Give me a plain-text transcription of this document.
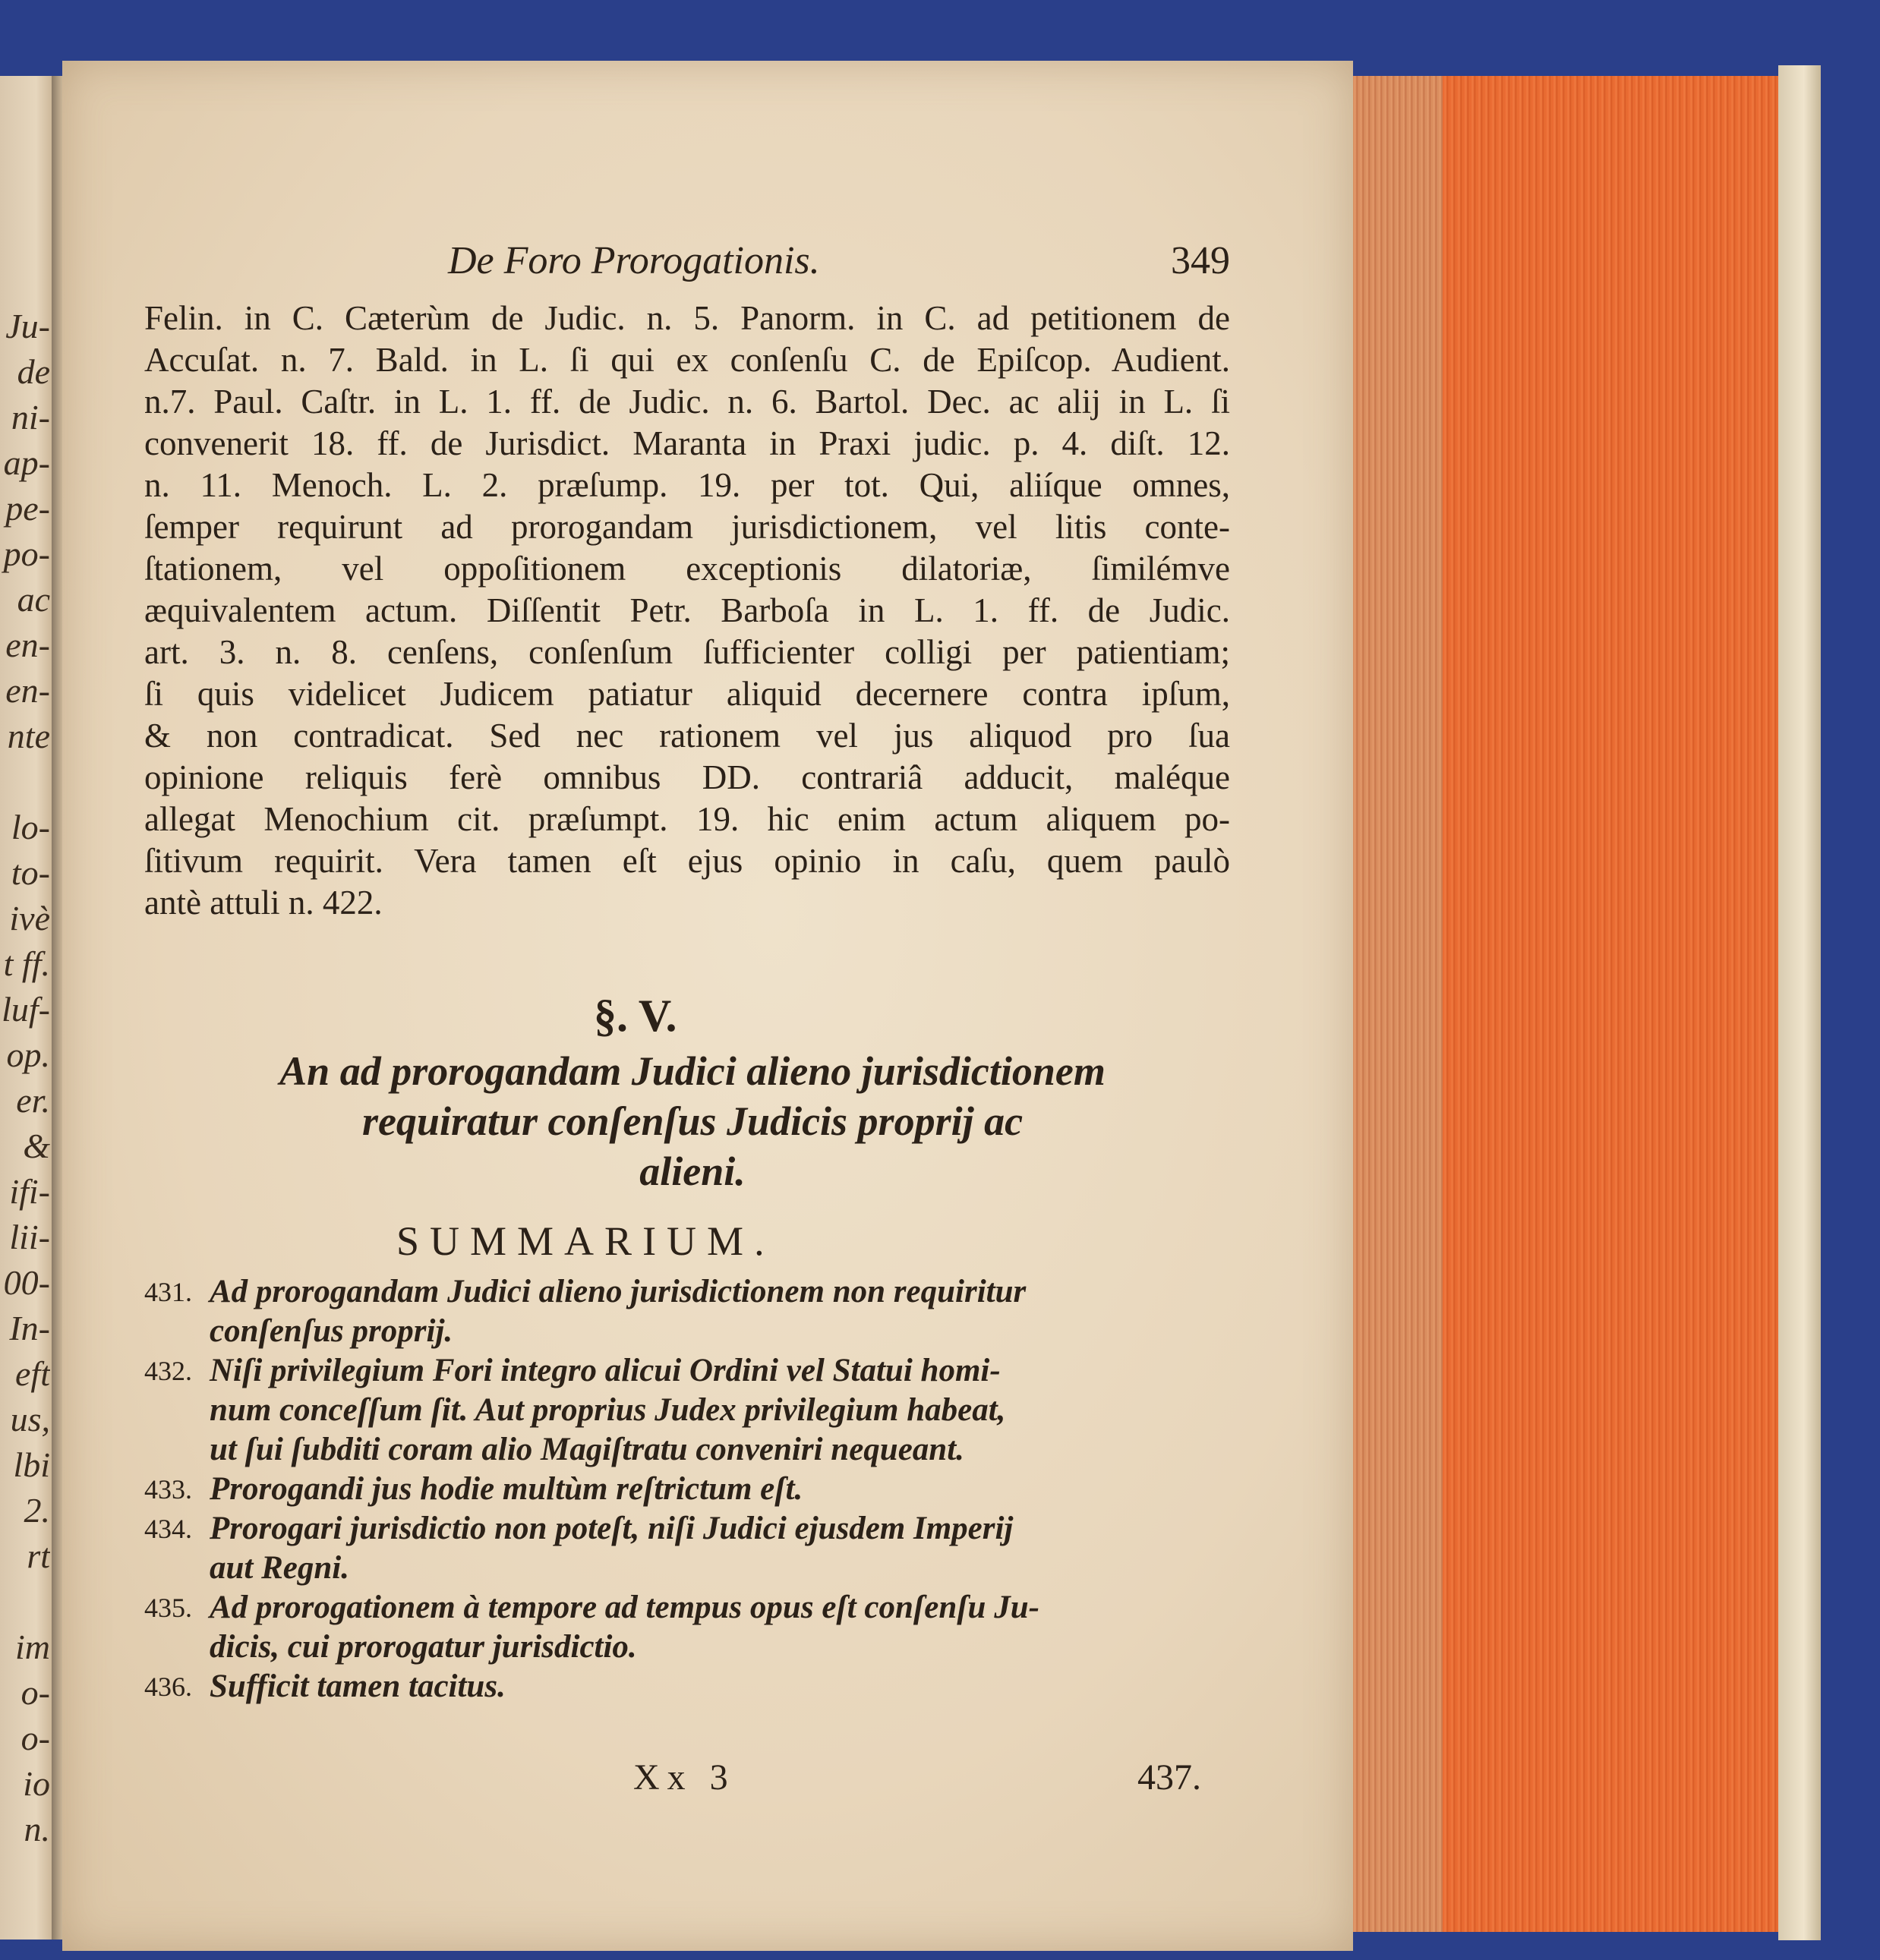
Ju-
de
ni-
ap-
pe-
po-
ac
en-
en-
nte
lo-
to-
ivè
t ff.
luf-
op.
er.
&
ifi-
lii-
00-
In-
eft
us,
lbi
2.
rt
im
o-
o-
io
n.
De Foro Prorogationis.	349
Felin. in C. Cæterùm de Judic. n. 5. Panorm. in C. ad petitionem de
Accuſat. n. 7. Bald. in L. ſi qui ex conſenſu C. de Epiſcop. Audient.
n.7. Paul. Caſtr. in L. 1. ff. de Judic. n. 6. Bartol. Dec. ac alij in L. ſi
convenerit 18. ff. de Jurisdict. Maranta in Praxi judic. p. 4. diſt. 12.
n. 11. Menoch. L. 2. præſump. 19. per tot. Qui, aliíque omnes,
ſemper requirunt ad prorogandam jurisdictionem, vel litis conte-
ſtationem, vel oppoſitionem exceptionis dilatoriæ, ſimilémve
æquivalentem actum. Diſſentit Petr. Barboſa in L. 1. ff. de Judic.
art. 3. n. 8. cenſens, conſenſum ſufficienter colligi per patientiam;
ſi quis videlicet Judicem patiatur aliquid decernere contra ipſum,
& non contradicat. Sed nec rationem vel jus aliquod pro ſua
opinione reliquis ferè omnibus DD. contrariâ adducit, maléque
allegat Menochium cit. præſumpt. 19. hic enim actum aliquem po-
ſitivum requirit. Vera tamen eſt ejus opinio in caſu, quem paulò
antè attuli n. 422.
§. V.
An ad prorogandam Judici alieno jurisdictionem
requiratur conſenſus Judicis proprij ac
alieni.
SUMMARIUM.
431. Ad prorogandam Judici alieno jurisdictionem non requiritur
conſenſus proprij.
432. Niſi privilegium Fori integro alicui Ordini vel Statui homi-
num conceſſum ſit. Aut proprius Judex privilegium habeat,
ut ſui ſubditi coram alio Magiſtratu conveniri nequeant.
433. Prorogandi jus hodie multùm reſtrictum eſt.
434. Prorogari jurisdictio non poteſt, niſi Judici ejusdem Imperij
aut Regni.
435. Ad prorogationem à tempore ad tempus opus eſt conſenſu Ju-
dicis, cui prorogatur jurisdictio.
436. Sufficit tamen tacitus.
Xx 3	437.
